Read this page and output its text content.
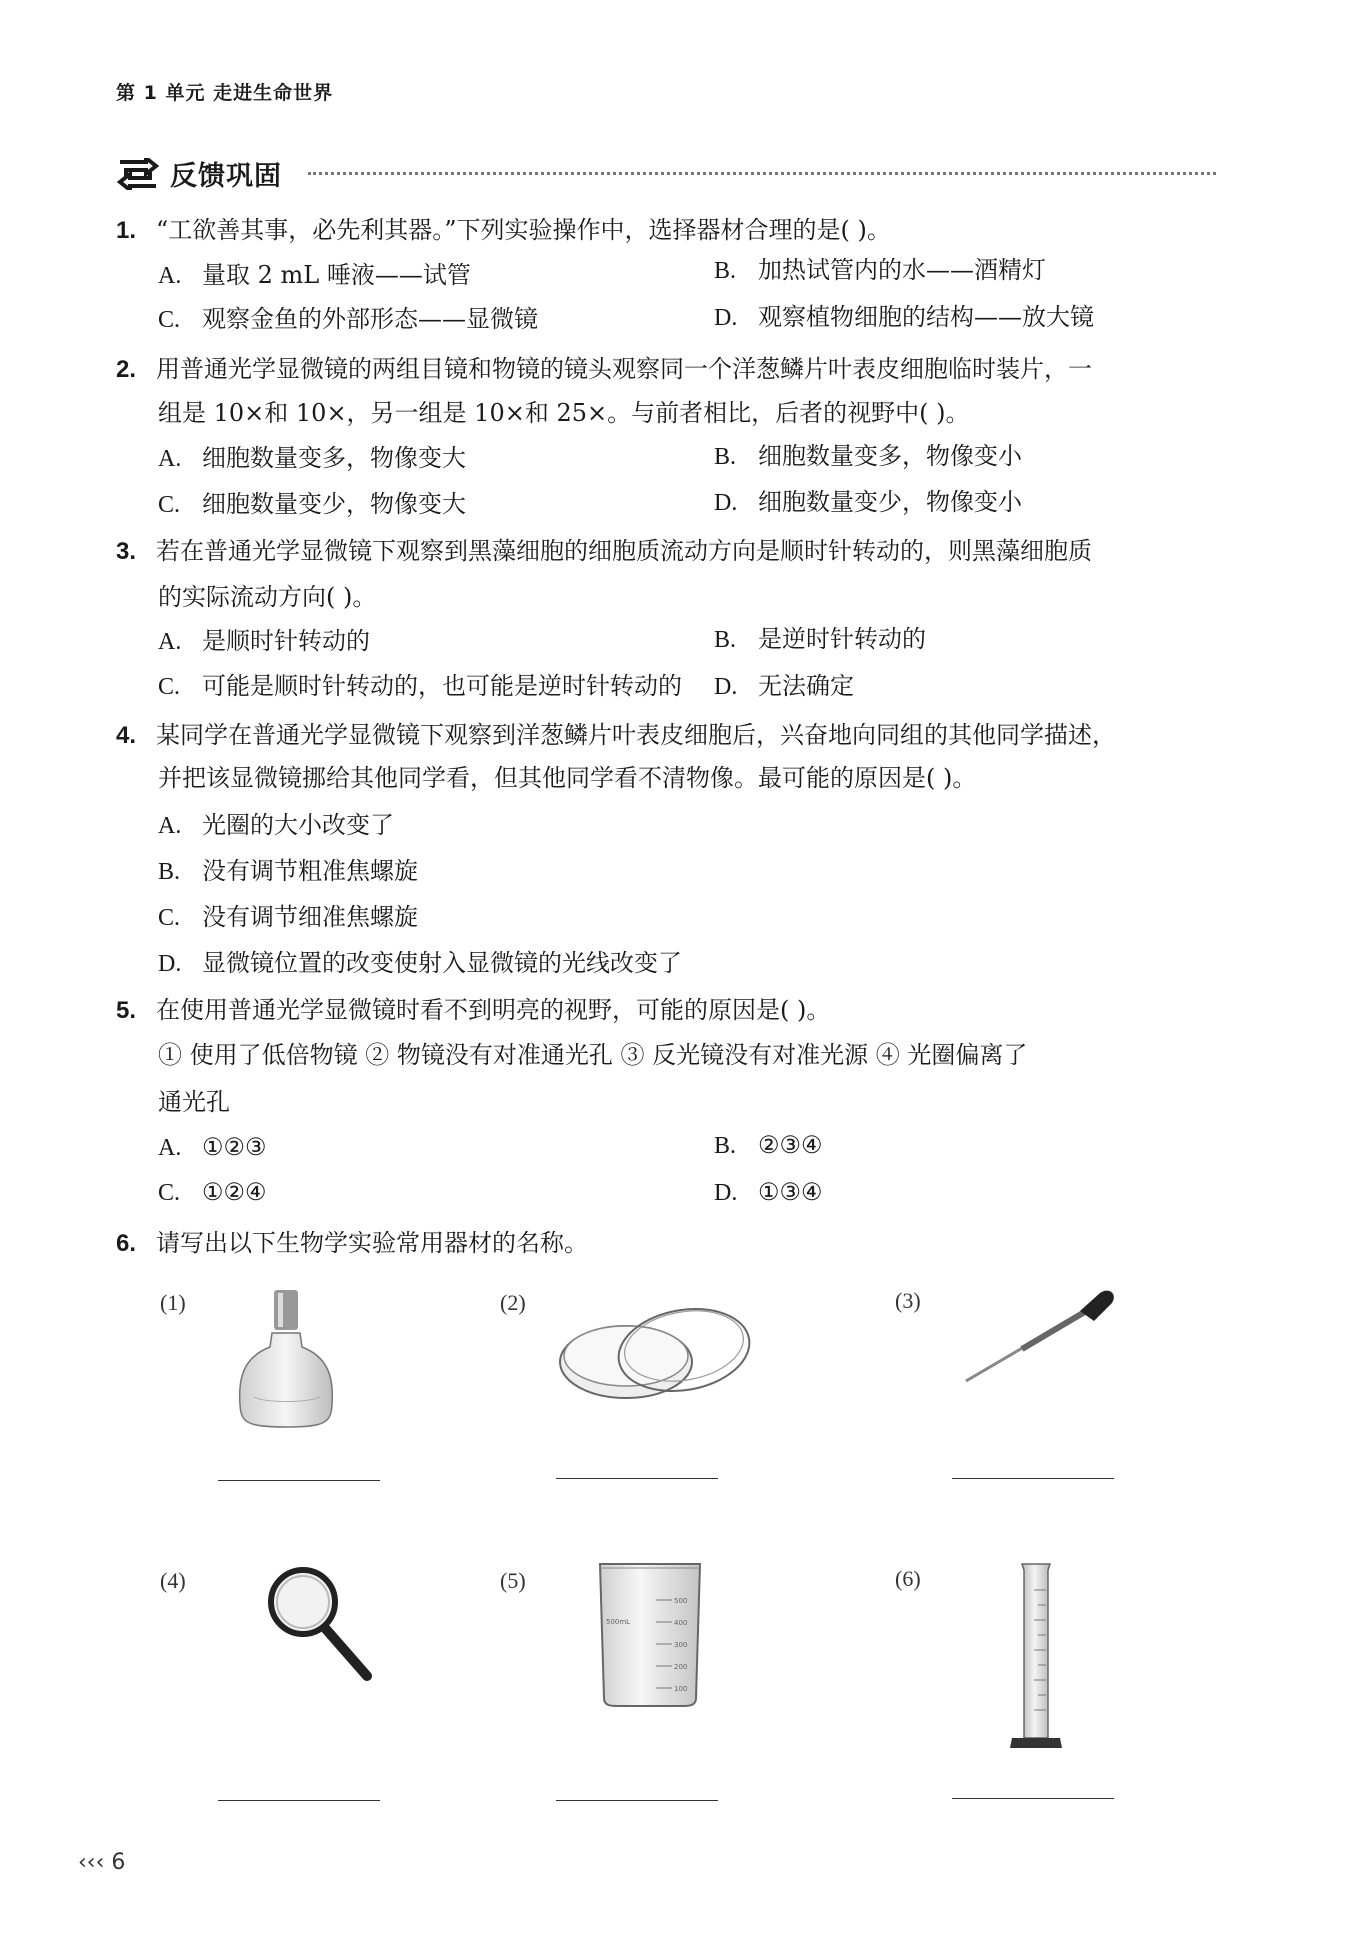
第 1 单元 走进生命世界
反馈巩固
1. “工欲善其事，必先利其器。”下列实验操作中，选择器材合理的是( )。
A. 量取 2 mL 唾液——试管	B. 加热试管内的水——酒精灯
C. 观察金鱼的外部形态——显微镜	D. 观察植物细胞的结构——放大镜
2. 用普通光学显微镜的两组目镜和物镜的镜头观察同一个洋葱鳞片叶表皮细胞临时装片，一
组是 10×和 10×，另一组是 10×和 25×。与前者相比，后者的视野中( )。
A. 细胞数量变多，物像变大	B. 细胞数量变多，物像变小
C. 细胞数量变少，物像变大	D. 细胞数量变少，物像变小
3. 若在普通光学显微镜下观察到黑藻细胞的细胞质流动方向是顺时针转动的，则黑藻细胞质
的实际流动方向( )。
A. 是顺时针转动的	B. 是逆时针转动的
C. 可能是顺时针转动的，也可能是逆时针转动的 D. 无法确定
4. 某同学在普通光学显微镜下观察到洋葱鳞片叶表皮细胞后，兴奋地向同组的其他同学描述，
并把该显微镜挪给其他同学看，但其他同学看不清物像。最可能的原因是( )。
A. 光圈的大小改变了
B. 没有调节粗准焦螺旋
C. 没有调节细准焦螺旋
D. 显微镜位置的改变使射入显微镜的光线改变了
5. 在使用普通光学显微镜时看不到明亮的视野，可能的原因是( )。
① 使用了低倍物镜 ② 物镜没有对准通光孔 ③ 反光镜没有对准光源 ④ 光圈偏离了
通光孔
A. ①②③	B. ②③④
C. ①②④	D. ①③④
6. 请写出以下生物学实验常用器材的名称。
(1)	(2)	(3)
(4)	(5)	(6)
500mL
500
400
300
200
100
‹‹‹ 6
